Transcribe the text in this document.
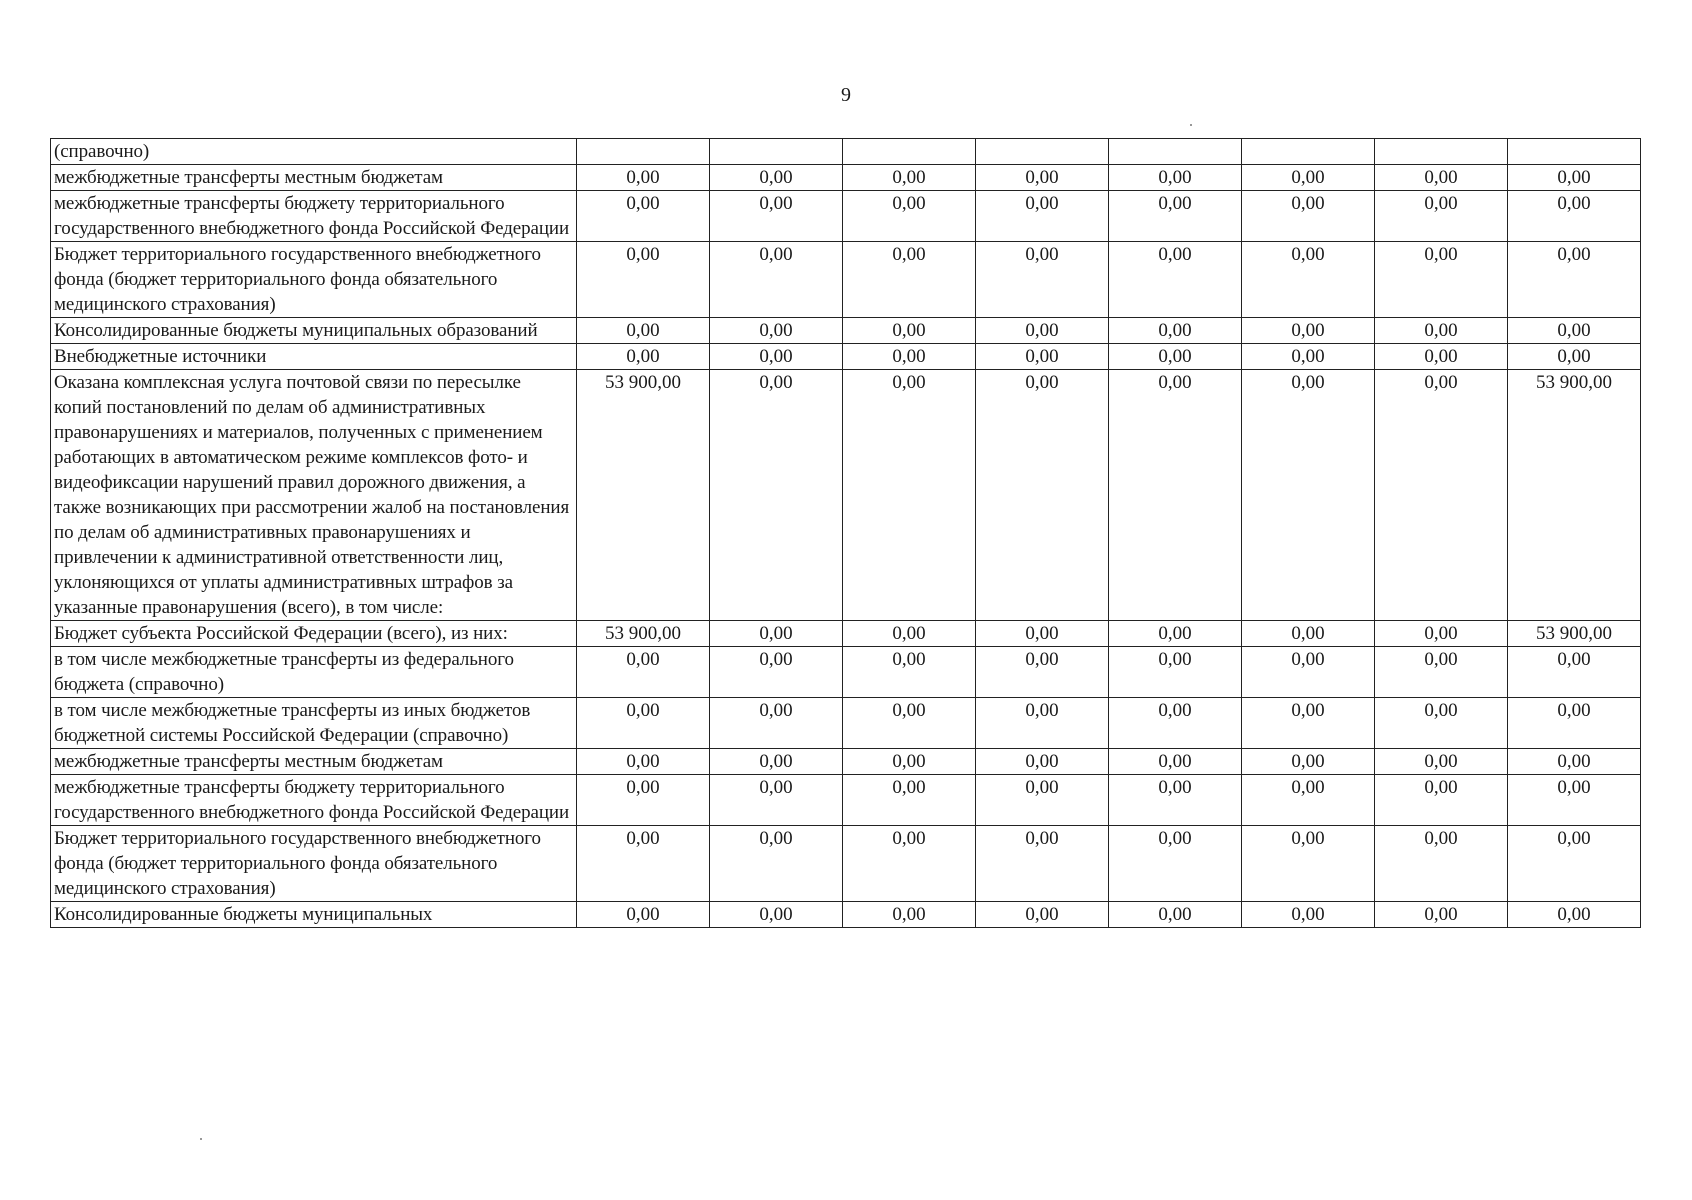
9
(справочно)								
межбюджетные трансферты местным бюджетам	0,00	0,00	0,00	0,00	0,00	0,00	0,00	0,00
межбюджетные трансферты бюджету территориального государственного внебюджетного фонда Российской Федерации	0,00	0,00	0,00	0,00	0,00	0,00	0,00	0,00
Бюджет территориального государственного внебюджетного фонда (бюджет территориального фонда обязательного медицинского страхования)	0,00	0,00	0,00	0,00	0,00	0,00	0,00	0,00
Консолидированные бюджеты муниципальных образований	0,00	0,00	0,00	0,00	0,00	0,00	0,00	0,00
Внебюджетные источники	0,00	0,00	0,00	0,00	0,00	0,00	0,00	0,00
Оказана комплексная услуга почтовой связи по пересылке копий постановлений по делам об административных правонарушениях и материалов, полученных с применением работающих в автоматическом режиме комплексов фото- и видеофиксации нарушений правил дорожного движения, а также возникающих при рассмотрении жалоб на постановления по делам об административных правонарушениях и привлечении к административной ответственности лиц, уклоняющихся от уплаты административных штрафов за указанные правонарушения (всего), в том числе:	53 900,00	0,00	0,00	0,00	0,00	0,00	0,00	53 900,00
Бюджет субъекта Российской Федерации (всего), из них:	53 900,00	0,00	0,00	0,00	0,00	0,00	0,00	53 900,00
в том числе межбюджетные трансферты из федерального бюджета (справочно)	0,00	0,00	0,00	0,00	0,00	0,00	0,00	0,00
в том числе межбюджетные трансферты из иных бюджетов бюджетной системы Российской Федерации (справочно)	0,00	0,00	0,00	0,00	0,00	0,00	0,00	0,00
межбюджетные трансферты местным бюджетам	0,00	0,00	0,00	0,00	0,00	0,00	0,00	0,00
межбюджетные трансферты бюджету территориального государственного внебюджетного фонда Российской Федерации	0,00	0,00	0,00	0,00	0,00	0,00	0,00	0,00
Бюджет территориального государственного внебюджетного фонда (бюджет территориального фонда обязательного медицинского страхования)	0,00	0,00	0,00	0,00	0,00	0,00	0,00	0,00
Консолидированные бюджеты муниципальных	0,00	0,00	0,00	0,00	0,00	0,00	0,00	0,00
